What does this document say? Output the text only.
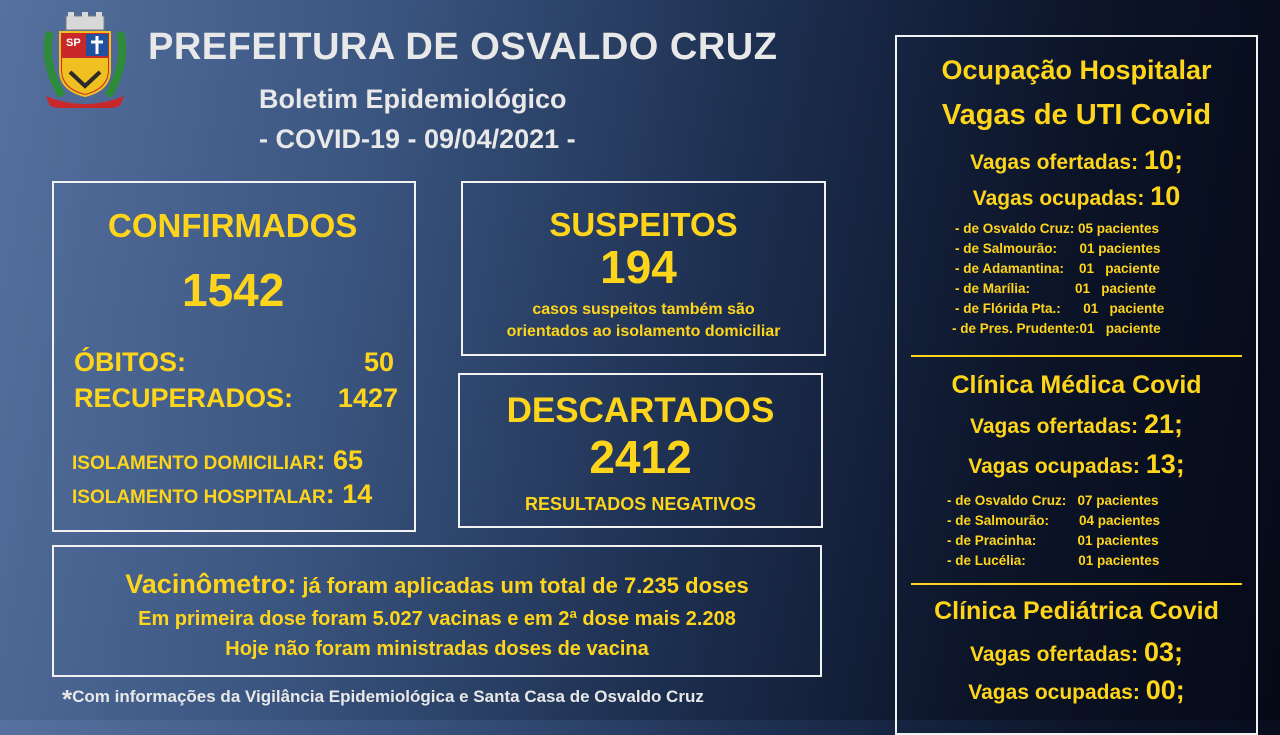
SP PREFEITURA DE OSVALDO CRUZ
Boletim Epidemiológico
- COVID-19 - 09/04/2021 -
CONFIRMADOS
1542
ÓBITOS:	50
RECUPERADOS: 1427
ISOLAMENTO DOMICILIAR: 65
ISOLAMENTO HOSPITALAR: 14
SUSPEITOS
194
casos suspeitos também são
orientados ao isolamento domiciliar
DESCARTADOS
2412
RESULTADOS NEGATIVOS
Vacinômetro: já foram aplicadas um total de 7.235 doses
Em primeira dose foram 5.027 vacinas e em 2ª dose mais 2.208
Hoje não foram ministradas doses de vacina
*Com informações da Vigilância Epidemiológica e Santa Casa de Osvaldo Cruz
Ocupação Hospitalar
Vagas de UTI Covid
Vagas ofertadas: 10;
Vagas ocupadas: 10
- de Osvaldo Cruz: 05 pacientes
- de Salmourão:      01 pacientes
- de Adamantina:    01   paciente
- de Marília:            01   paciente
- de Flórida Pta.:      01   paciente
- de Pres. Prudente:01   paciente
Clínica Médica Covid
Vagas ofertadas: 21;
Vagas ocupadas: 13;
- de Osvaldo Cruz:   07 pacientes
- de Salmourão:        04 pacientes
- de Pracinha:           01 pacientes
- de Lucélia:              01 pacientes
Clínica Pediátrica Covid
Vagas ofertadas: 03;
Vagas ocupadas: 00;
